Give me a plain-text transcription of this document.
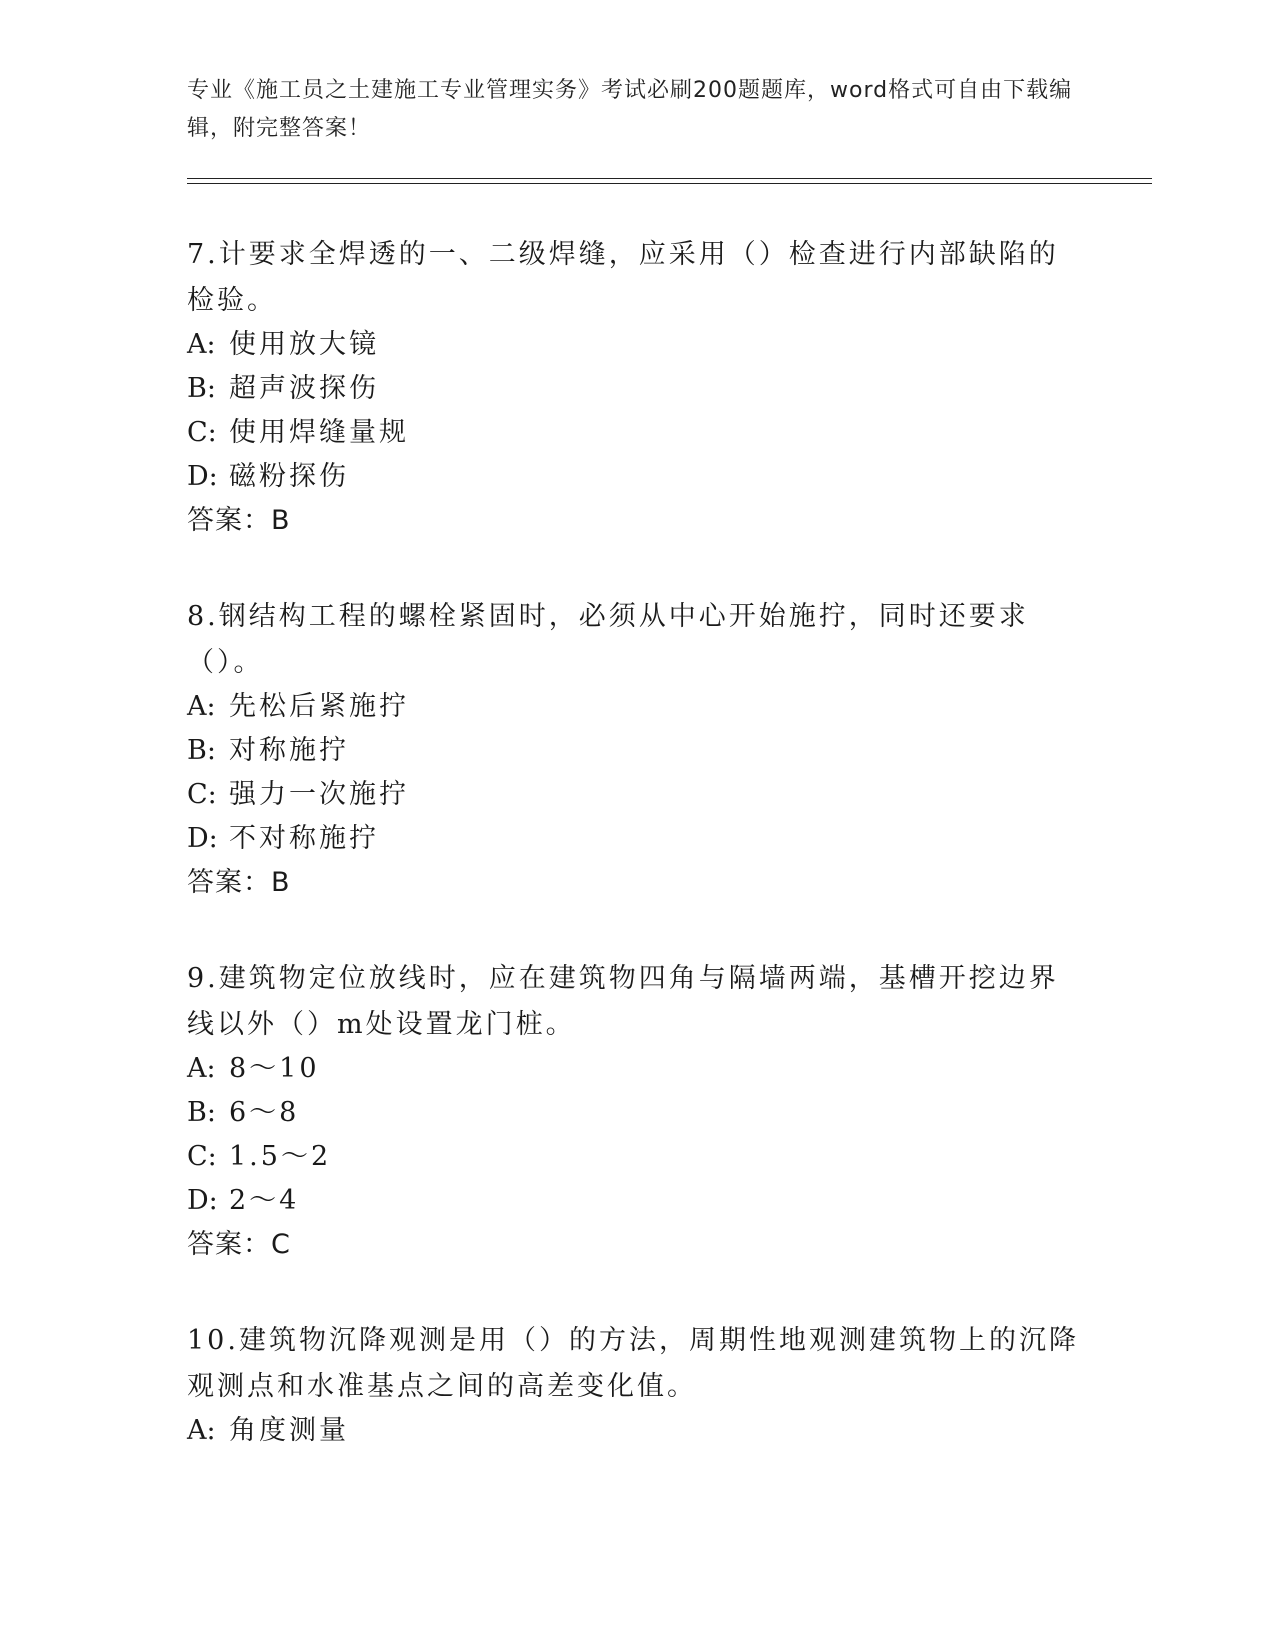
专业《施工员之土建施工专业管理实务》考试必刷200题题库，word格式可自由下载编辑，附完整答案！
7.计要求全焊透的一、二级焊缝，应采用（）检查进行内部缺陷的检验。
A: 使用放大镜
B: 超声波探伤
C: 使用焊缝量规
D: 磁粉探伤
答案：B
8.钢结构工程的螺栓紧固时，必须从中心开始施拧，同时还要求（）。
A: 先松后紧施拧
B: 对称施拧
C: 强力一次施拧
D: 不对称施拧
答案：B
9.建筑物定位放线时，应在建筑物四角与隔墙两端，基槽开挖边界线以外（）m处设置龙门桩。
A: 8～10
B: 6～8
C: 1.5～2
D: 2～4
答案：C
10.建筑物沉降观测是用（）的方法，周期性地观测建筑物上的沉降观测点和水准基点之间的高差变化值。
A: 角度测量
